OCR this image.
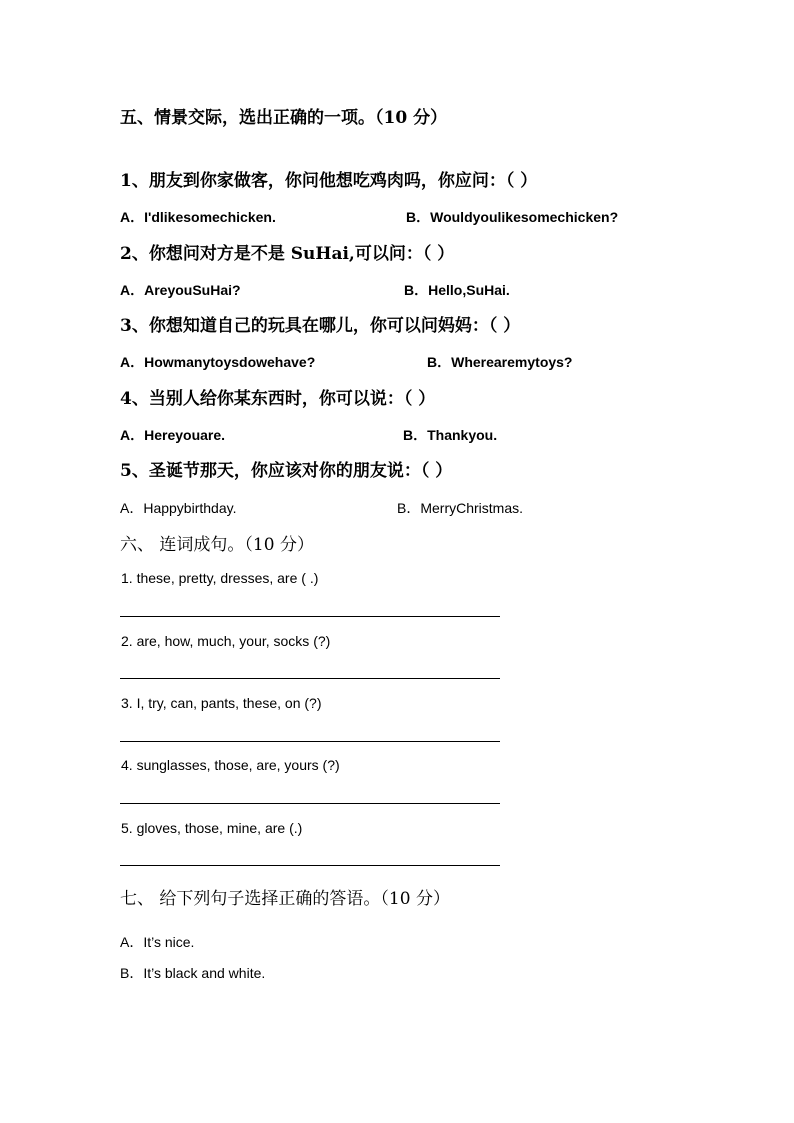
五、情景交际，选出正确的一项。（10 分）
1、朋友到你家做客，你问他想吃鸡肉吗，你应问：（ ）
A．I'dlikesomechicken.	B．Wouldyoulikesomechicken?
2、你想问对方是不是 SuHai,可以问：（ ）
A．AreyouSuHai?	B．Hello,SuHai.
3、你想知道自己的玩具在哪儿，你可以问妈妈：（ ）
A．Howmanytoysdowehave?	B．Wherearemytoys?
4、当别人给你某东西时，你可以说：（ ）
A．Hereyouare.	B．Thankyou.
5、圣诞节那天，你应该对你的朋友说：（ ）
A．Happybirthday.	B．MerryChristmas.
六、 连词成句。（10 分）
1. these, pretty, dresses, are ( .)
2. are, how, much, your, socks (?)
3. I, try, can, pants, these, on (?)
4. sunglasses, those, are, yours (?)
5. gloves, those, mine, are (.)
七、 给下列句子选择正确的答语。（10 分）
A．It’s nice.
B．It’s black and white.
